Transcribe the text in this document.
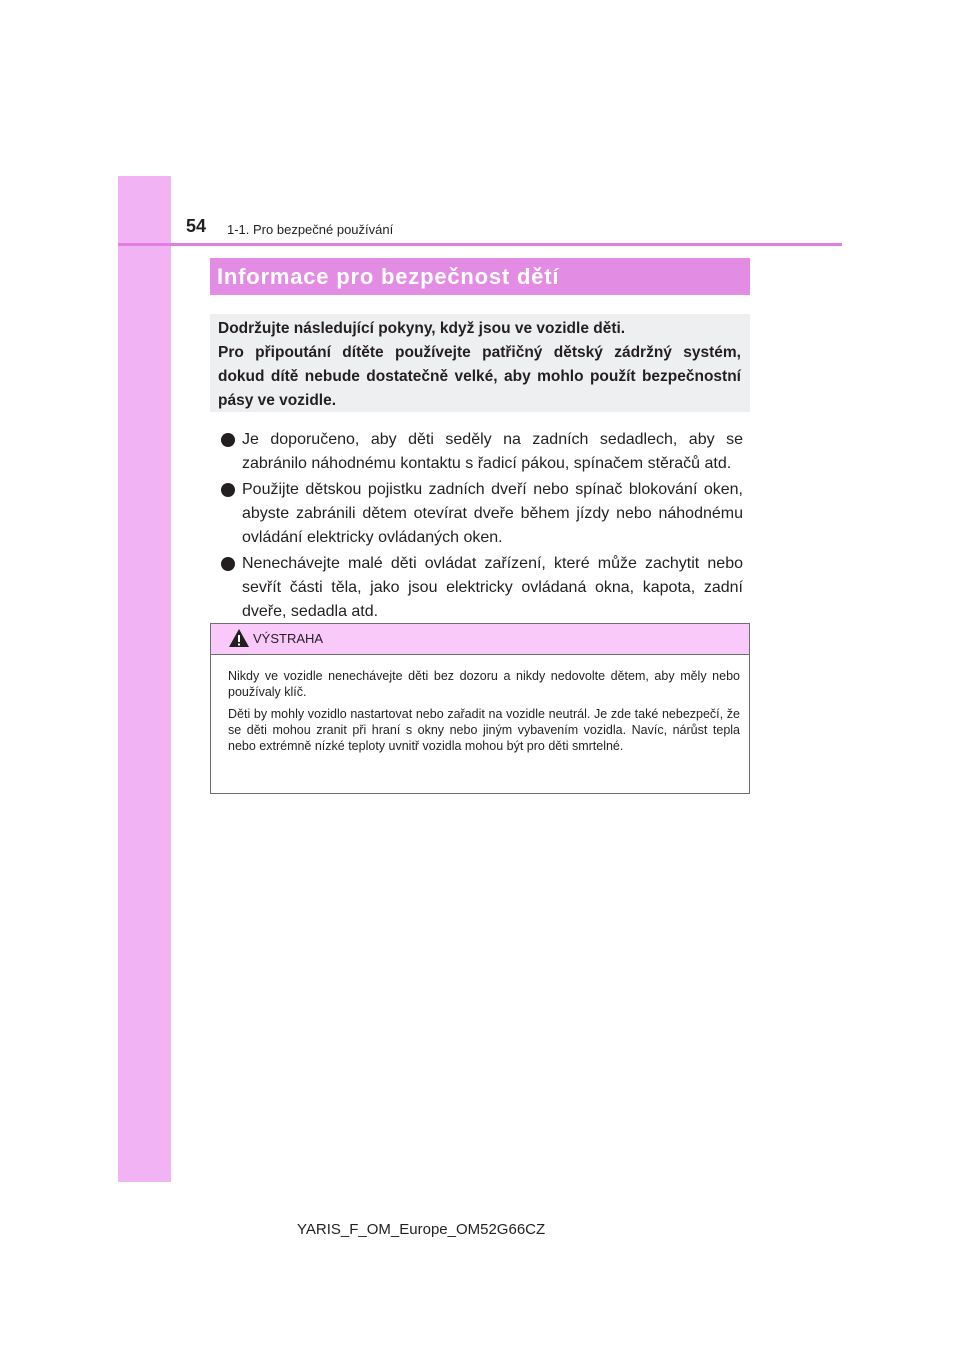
54 1-1. Pro bezpečné používání
Informace pro bezpečnost dětí

Dodržujte následující pokyny, když jsou ve vozidle děti.

Pro připoutání dítěte používejte patřičný dětský zádržný systém, dokud dítě nebude dostatečně velké, aby mohlo použít bezpečnostní pásy ve vozidle.

Je doporučeno, aby děti seděly na zadních sedadlech, aby se zabránilo náhodnému kontaktu s řadicí pákou, spínačem stěračů atd.
Použijte dětskou pojistku zadních dveří nebo spínač blokování oken, abyste zabránili dětem otevírat dveře během jízdy nebo náhodnému ovládání elektricky ovládaných oken.
Nenechávejte malé děti ovládat zařízení, které může zachytit nebo sevřít části těla, jako jsou elektricky ovládaná okna, kapota, zadní dveře, sedadla atd.
VÝSTRAHA

Nikdy ve vozidle nenechávejte děti bez dozoru a nikdy nedovolte dětem, aby měly nebo používaly klíč.

Děti by mohly vozidlo nastartovat nebo zařadit na vozidle neutrál. Je zde také nebezpečí, že se děti mohou zranit při hraní s okny nebo jiným vybavením vozidla. Navíc, nárůst tepla nebo extrémně nízké teploty uvnitř vozidla mohou být pro děti smrtelné.

YARIS_F_OM_Europe_OM52G66CZ
